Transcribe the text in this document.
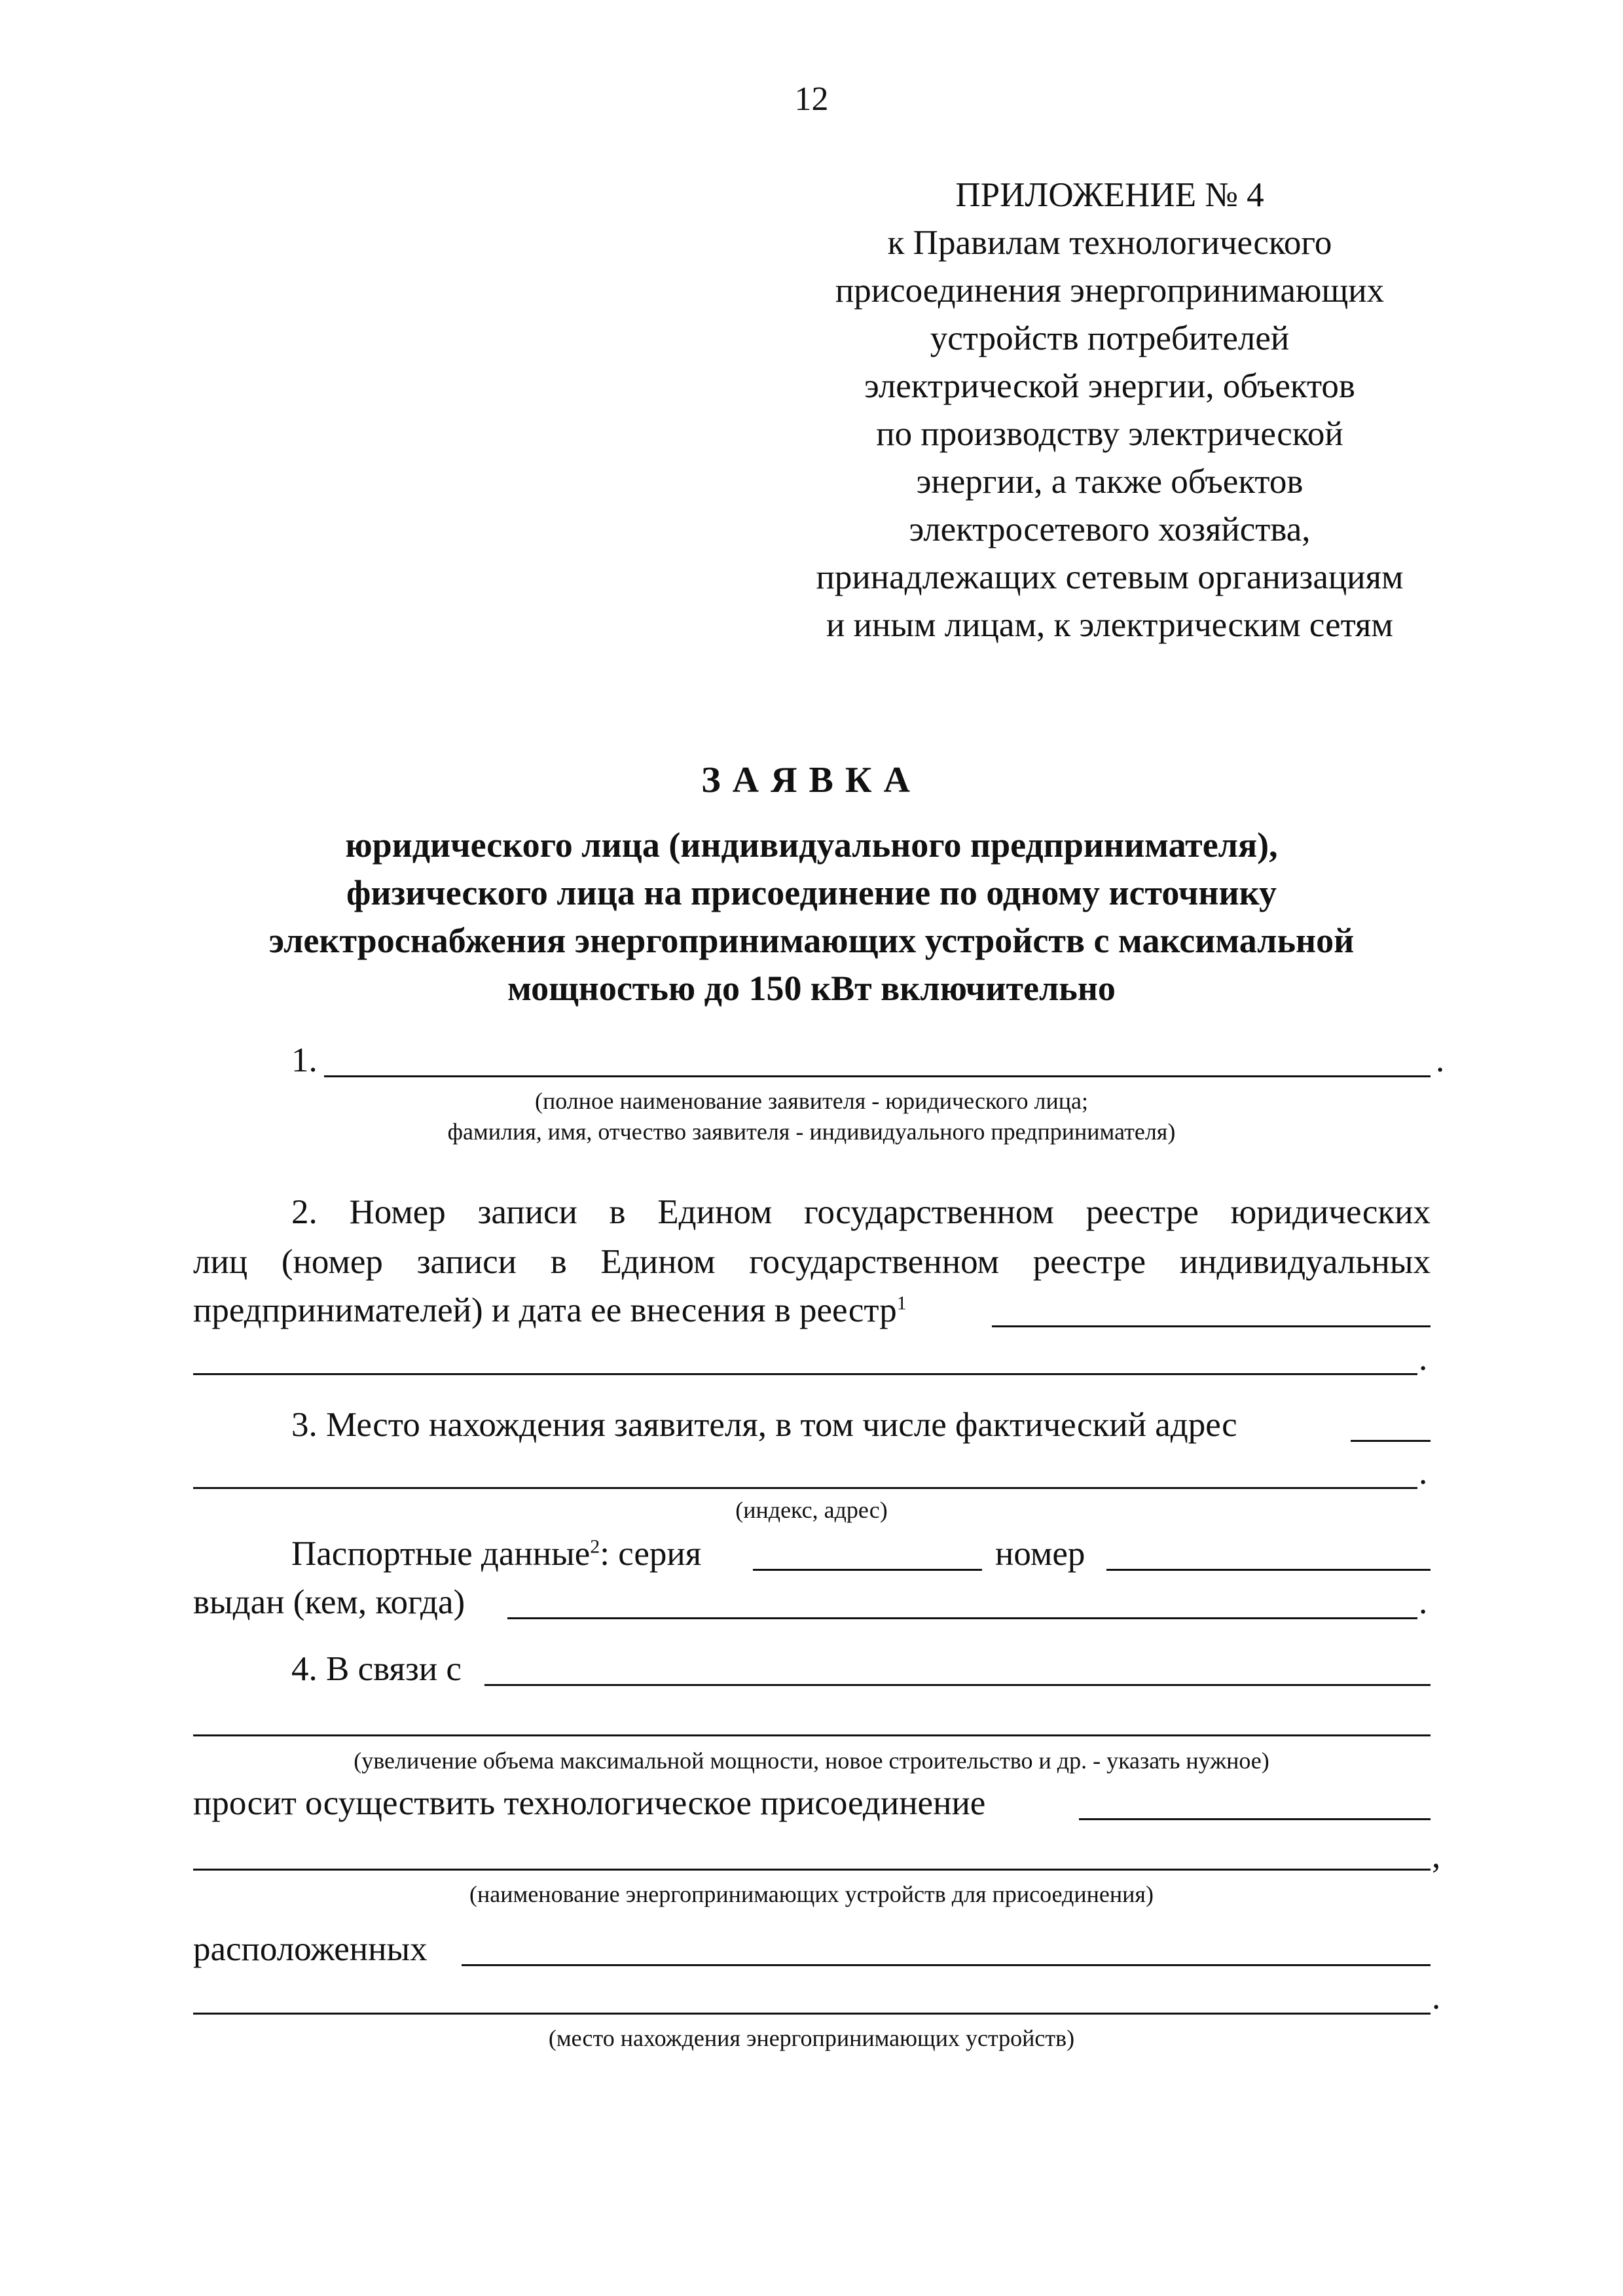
12
ПРИЛОЖЕНИЕ № 4
к Правилам технологического
присоединения энергопринимающих
устройств потребителей
электрической энергии, объектов
по производству электрической
энергии, а также объектов
электросетевого хозяйства,
принадлежащих сетевым организациям
и иным лицам, к электрическим сетям
ЗАЯВКА
юридического лица (индивидуального предпринимателя),
физического лица на присоединение по одному источнику
электроснабжения энергопринимающих устройств с максимальной
мощностью до 150 кВт включительно
1.	.
(полное наименование заявителя - юридического лица;
фамилия, имя, отчество заявителя - индивидуального предпринимателя)
2. Номер записи в Едином государственном реестре юридических
лиц (номер записи в Едином государственном реестре индивидуальных
предпринимателей) и дата ее внесения в реестр$^1$
.
3. Место нахождения заявителя, в том числе фактический адрес
.
(индекс, адрес)
Паспортные данные$^2$: серия	номер
выдан (кем, когда)	.
4. В связи с
(увеличение объема максимальной мощности, новое строительство и др. - указать нужное)
просит осуществить технологическое присоединение
,
(наименование энергопринимающих устройств для присоединения)
расположенных
.
(место нахождения энергопринимающих устройств)
